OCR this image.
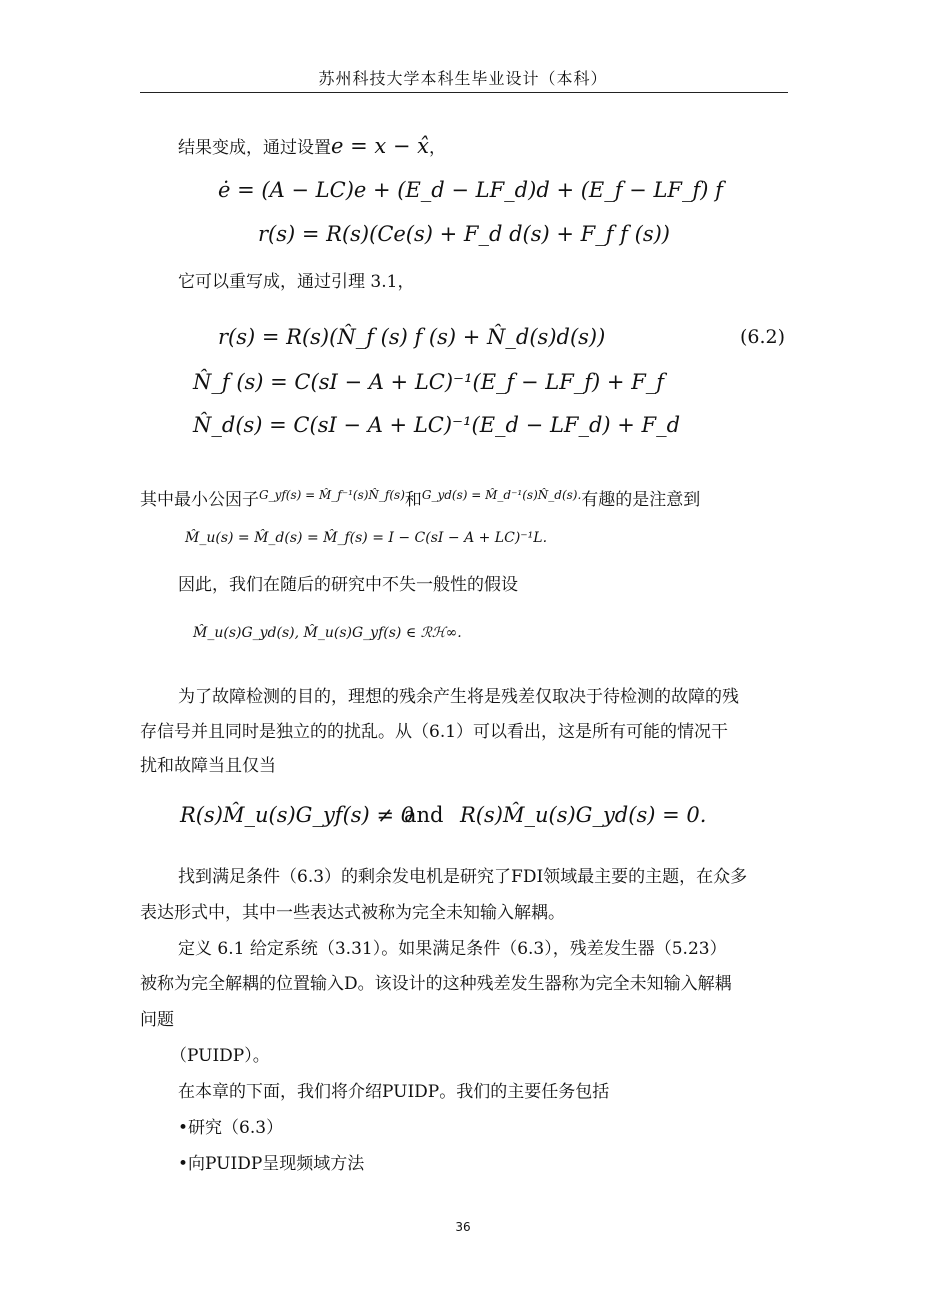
苏州科技大学本科生毕业设计（本科）
结果变成，通过设置e = x − x̂，
ė = (A − LC)e + (E_d − LF_d)d + (E_f − LF_f) f
r(s) = R(s)(Ce(s) + F_d d(s) + F_f f (s))
它可以重写成，通过引理 3.1，
r(s) = R(s)(N̂_f (s) f (s) + N̂_d(s)d(s))	(6.2)
N̂_f (s) = C(sI − A + LC)⁻¹(E_f − LF_f) + F_f
N̂_d(s) = C(sI − A + LC)⁻¹(E_d − LF_d) + F_d
其中最小公因子$^{G\_yf(s) = M̂\_f^{-1}(s)N̂\_f(s)}$和$^{G\_yd(s) = M̂\_d^{-1}(s)N̂\_d(s).}$有趣的是注意到
M̂_u(s) = M̂_d(s) = M̂_f(s) = I − C(sI − A + LC)⁻¹L.
因此，我们在随后的研究中不失一般性的假设
M̂_u(s)G_yd(s), M̂_u(s)G_yf(s) ∈ ℛℋ∞.
为了故障检测的目的，理想的残余产生将是残差仅取决于待检测的故障的残
存信号并且同时是独立的的扰乱。从（6.1）可以看出，这是所有可能的情况干
扰和故障当且仅当
R(s)M̂_u(s)G_yf(s) ≠ 0
and R(s)M̂_u(s)G_yd(s) = 0.
找到满足条件（6.3）的剩余发电机是研究了FDI领域最主要的主题，在众多
表达形式中，其中一些表达式被称为完全未知输入解耦。
定义 6.1 给定系统（3.31）。如果满足条件（6.3），残差发生器（5.23）
被称为完全解耦的位置输入D。该设计的这种残差发生器称为完全未知输入解耦
问题
（PUIDP）。
在本章的下面，我们将介绍PUIDP。我们的主要任务包括
•研究（6.3）
•向PUIDP呈现频域方法
36
